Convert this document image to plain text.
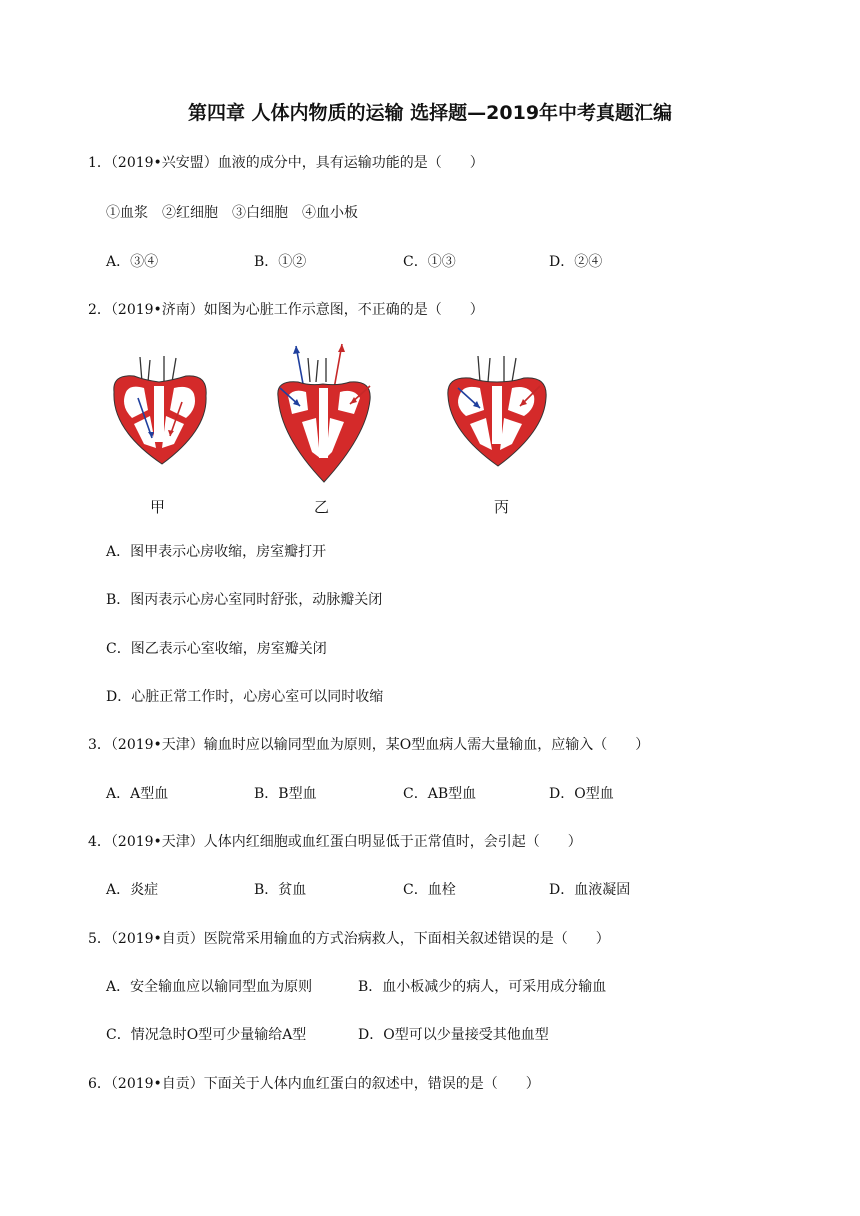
第四章 人体内物质的运输 选择题—2019年中考真题汇编
1．（2019•兴安盟）血液的成分中，具有运输功能的是（　　）
①血浆　②红细胞　③白细胞　④血小板
A．③④	B．①②	C．①③	D．②④
2．（2019•济南）如图为心脏工作示意图，不正确的是（　　）
甲	乙	丙
A．图甲表示心房收缩，房室瓣打开
B．图丙表示心房心室同时舒张，动脉瓣关闭
C．图乙表示心室收缩，房室瓣关闭
D．心脏正常工作时，心房心室可以同时收缩
3．（2019•天津）输血时应以输同型血为原则，某O型血病人需大量输血，应输入（　　）
A．A型血	B．B型血	C．AB型血	D．O型血
4．（2019•天津）人体内红细胞或血红蛋白明显低于正常值时，会引起（　　）
A．炎症	B．贫血	C．血栓	D．血液凝固
5．（2019•自贡）医院常采用输血的方式治病救人，下面相关叙述错误的是（　　）
A．安全输血应以输同型血为原则	B．血小板减少的病人，可采用成分输血
C．情况急时O型可少量输给A型	D．O型可以少量接受其他血型
6．（2019•自贡）下面关于人体内血红蛋白的叙述中，错误的是（　　）
